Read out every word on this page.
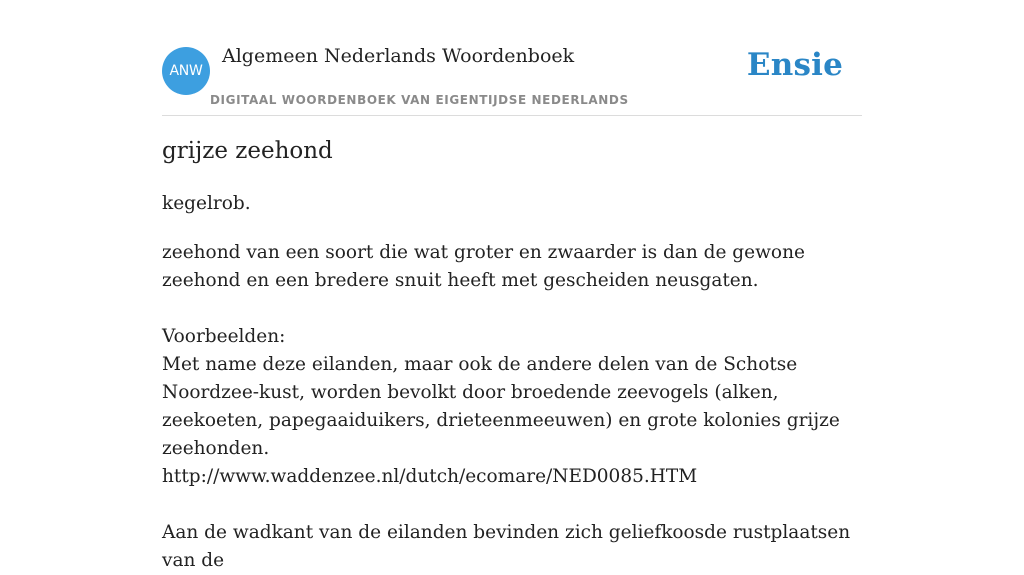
ANW
Algemeen Nederlands Woordenboek
DIGITAAL WOORDENBOEK VAN EIGENTIJDSE NEDERLANDS
Ensie
grijze zeehond
kegelrob.

zeehond van een soort die wat groter en zwaarder is dan de gewone zeehond en een bredere snuit heeft met gescheiden neusgaten.

Voorbeelden:

Met name deze eilanden, maar ook de andere delen van de Schotse Noordzee-kust, worden bevolkt door broedende zeevogels (alken, zeekoeten, papegaaiduikers, drieteenmeeuwen) en grote kolonies grijze zeehonden.

http://www.waddenzee.nl/dutch/ecomare/NED0085.HTM

Aan de wadkant van de eilanden bevinden zich geliefkoosde rustplaatsen van de
